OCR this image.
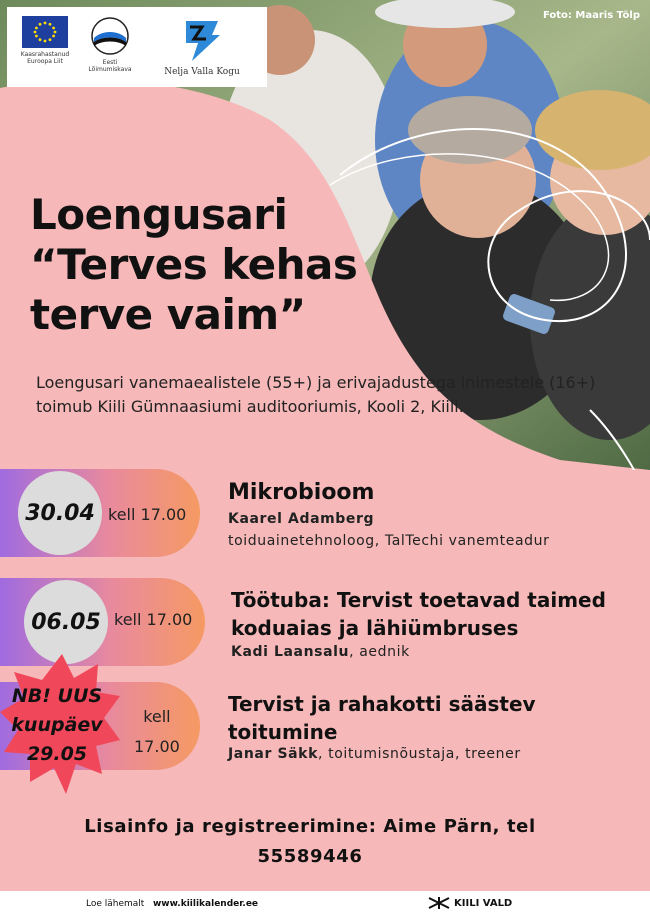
Kaasrahastanud Euroopa Liit	Eesti Lõimumiskava	Nelja Valla Kogu
Foto: Maaris Tõlp
Loengusari
“Terves kehas
terve vaim”
Loengusari vanemaealistele (55+) ja erivajadustega inimestele (16+) toimub Kiili Gümnaasiumi auditooriumis, Kooli 2, Kiili.
30.04 kell 17.00
Mikrobioom
Kaarel Adamberg
toiduainetehnoloog, TalTechi vanemteadur
06.05 kell 17.00
Töötuba: Tervist toetavad taimed
koduaias ja lähiümbruses
Kadi Laansalu, aednik
kell
17.00
Tervist ja rahakotti säästev
toitumine
Janar Säkk, toitumisnõustaja, treener
NB! UUS
kuupäev
29.05
Lisainfo ja registreerimine: Aime Pärn, tel
55589446
Loe lähemalt www.kiilikalender.ee	KIILI VALD
